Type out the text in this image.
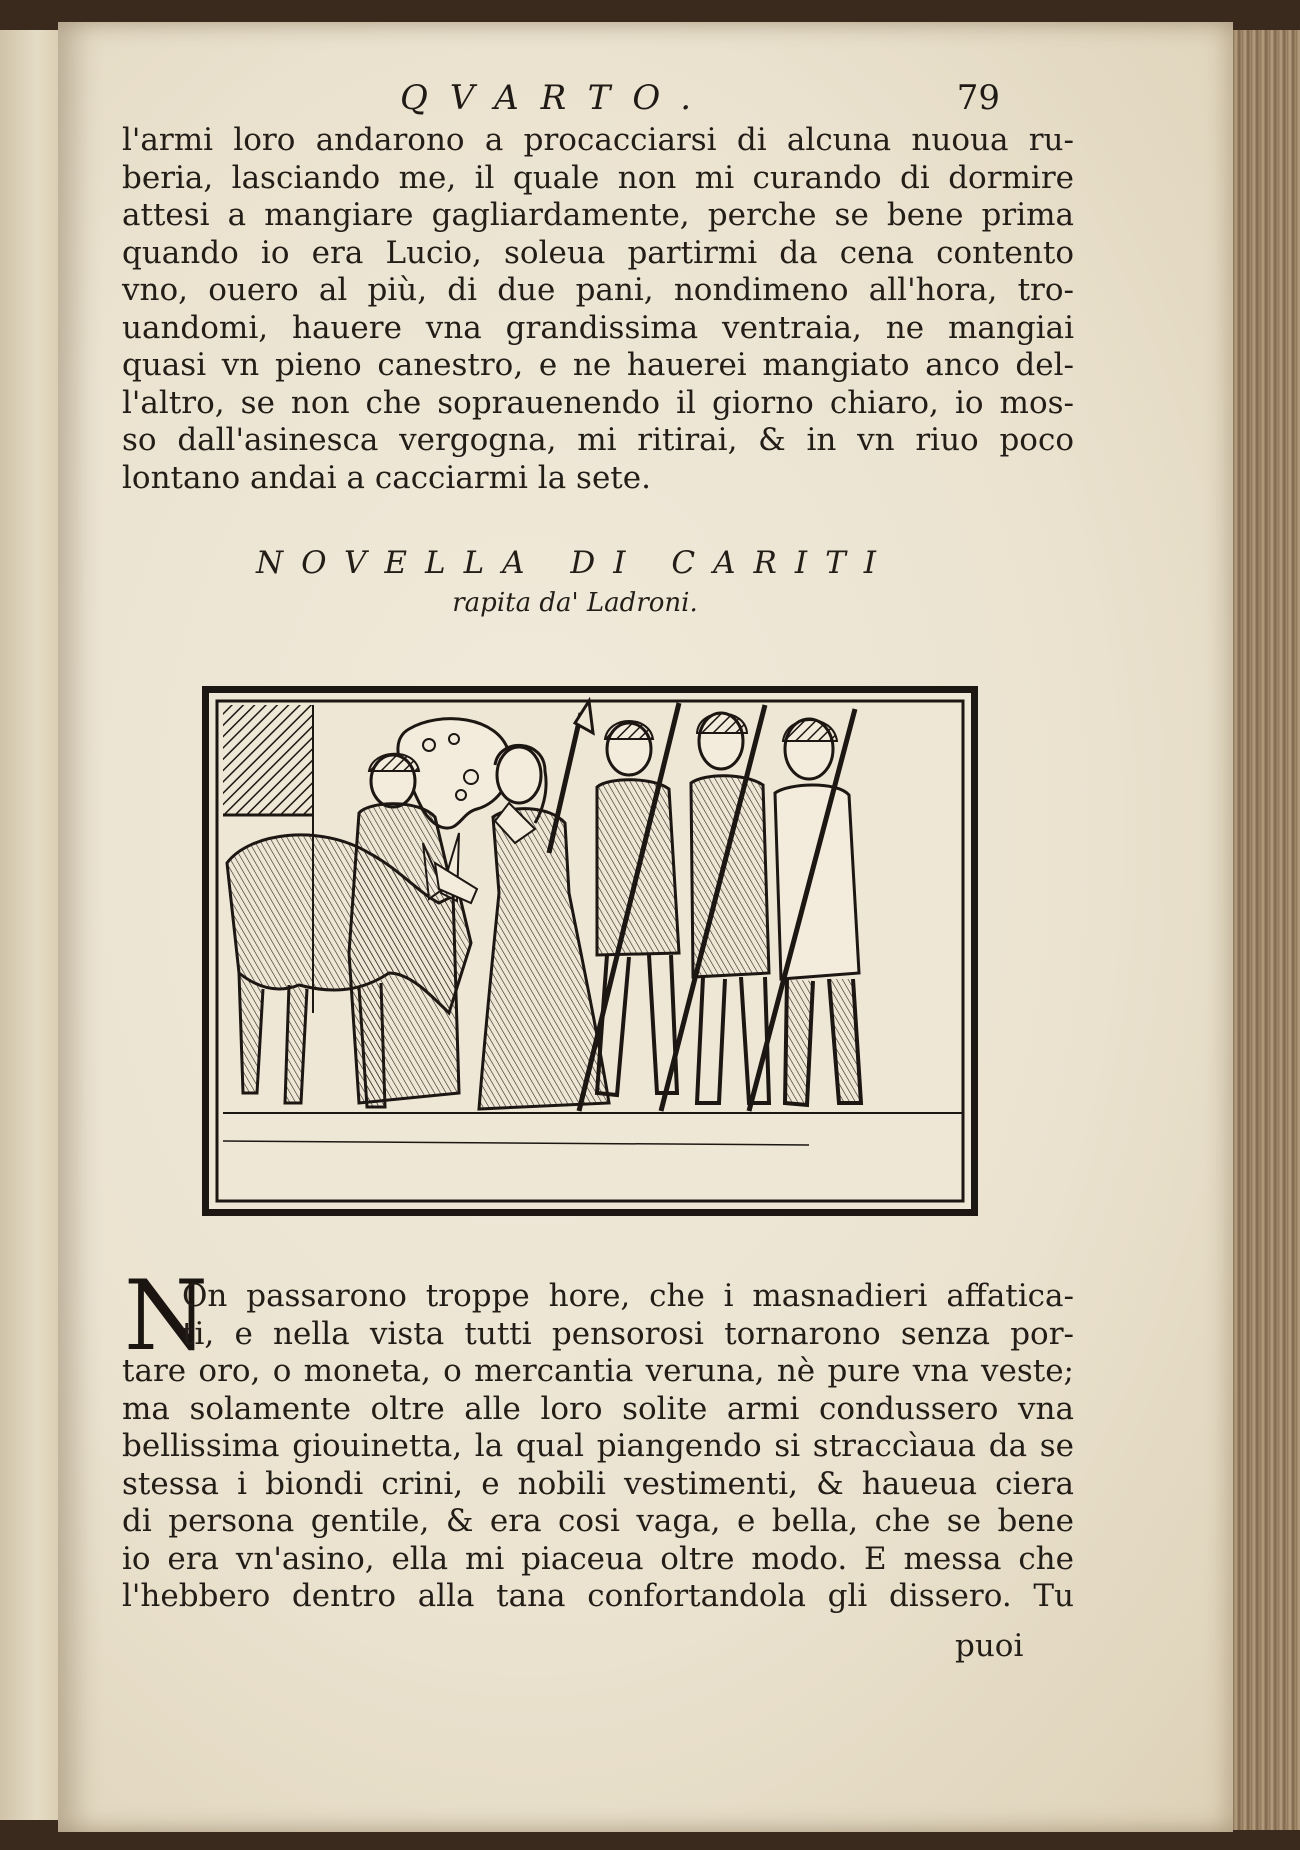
QVARTO.	79
l'armi loro andarono a procacciarsi di alcuna nuoua ru-
beria, lasciando me, il quale non mi curando di dormire
attesi a mangiare gagliardamente, perche se bene prima
quando io era Lucio, soleua partirmi da cena contento
vno, ouero al più, di due pani, nondimeno all'hora, tro-
uandomi, hauere vna grandissima ventraia, ne mangiai
quasi vn pieno canestro, e ne hauerei mangiato anco del-
l'altro, se non che soprauenendo il giorno chiaro, io mos-
so dall'asinesca vergogna, mi ritirai, & in vn riuo poco
lontano andai a cacciarmi la sete.
NOVELLA DI CARITI
rapita da' Ladroni.
N
On passarono troppe hore, che i masnadieri affatica-
ti, e nella vista tutti pensorosi tornarono senza por-
tare oro, o moneta, o mercantia veruna, nè pure vna veste;
ma solamente oltre alle loro solite armi condussero vna
bellissima giouinetta, la qual piangendo si straccìaua da se
stessa i biondi crini, e nobili vestimenti, & haueua ciera
di persona gentile, & era cosi vaga, e bella, che se bene
io era vn'asino, ella mi piaceua oltre modo. E messa che
l'hebbero dentro alla tana confortandola gli dissero. Tu
puoi
